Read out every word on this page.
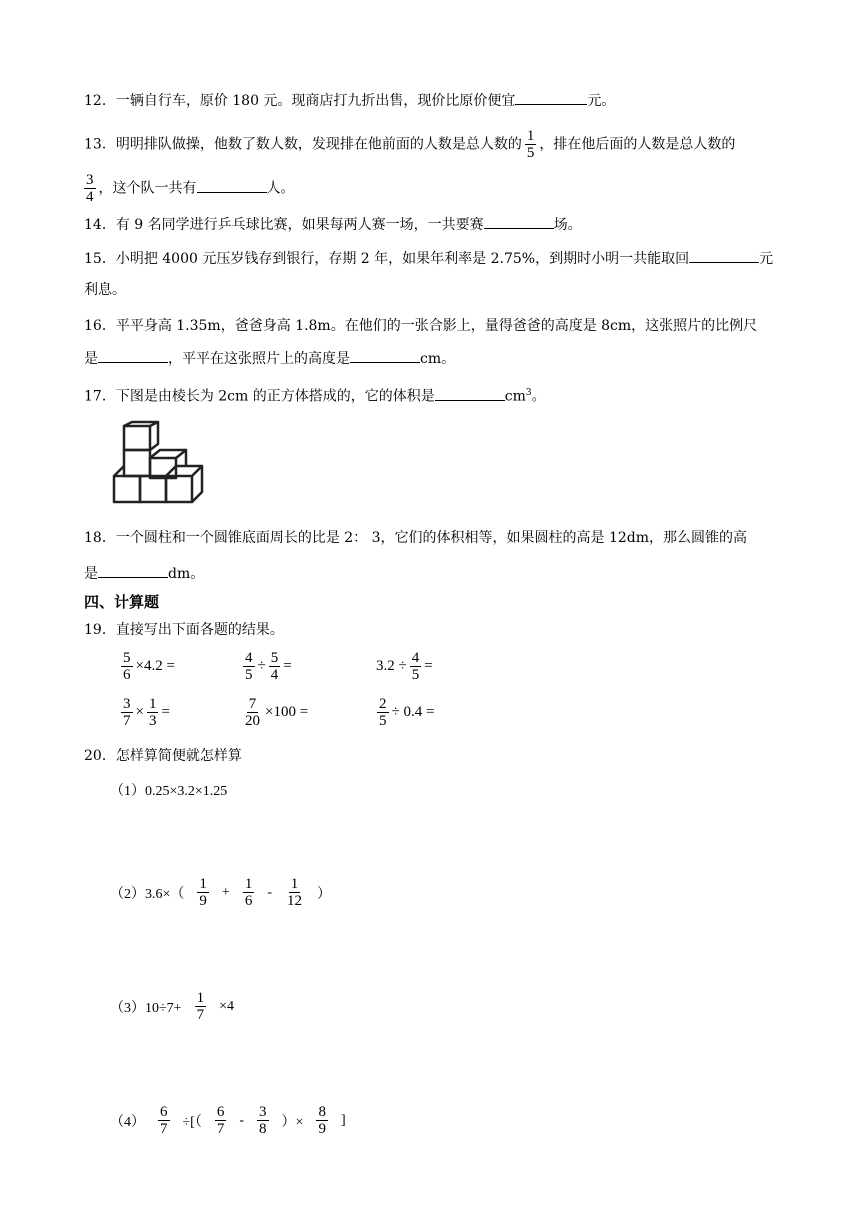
12．一辆自行车，原价 180 元。现商店打九折出售，现价比原价便宜	元。
13．明明排队做操，他数了数人数，发现排在他前面的人数是总人数的 $\frac{1}{5}$ ，排在他后面的人数是总人数的
$\frac{3}{4}$ ，这个队一共有	人。
14．有 9 名同学进行乒乓球比赛，如果每两人赛一场，一共要赛	场。
15．小明把 4000 元压岁钱存到银行，存期 2 年，如果年利率是 2.75%，到期时小明一共能取回	元
利息。
16．平平身高 1.35m，爸爸身高 1.8m。在他们的一张合影上，量得爸爸的高度是 8cm，这张照片的比例尺
是	，平平在这张照片上的高度是	cm。
17．下图是由棱长为 2cm 的正方体搭成的，它的体积是	$cm^3$。
18．一个圆柱和一个圆锥底面周长的比是 2： 3，它们的体积相等，如果圆柱的高是 12dm，那么圆锥的高
是	dm。
四、计算题
19．直接写出下面各题的结果。
$\frac{5}{6} \times 4.2$ =	$\frac{4}{5} \div \frac{5}{4}$ =	$3.2 \div \frac{4}{5}$ =
$\frac{3}{7} \times \frac{1}{3}$ =	$\frac{7}{20} \times 100$ =	$\frac{2}{5} \div 0.4$ =
20．怎样算简便就怎样算
（1）0.25×3.2×1.25
$(2)3.6\times( \frac{1}{9} + \frac{1}{6} - \frac{1}{12}$ ）
$(3)10\div 7+ \frac{1}{7} \times 4$
$(4) \frac{6}{7}$ ÷[（ $\frac{6}{7} - \frac{3}{8}$ ）× $\frac{8}{9}$ ]
